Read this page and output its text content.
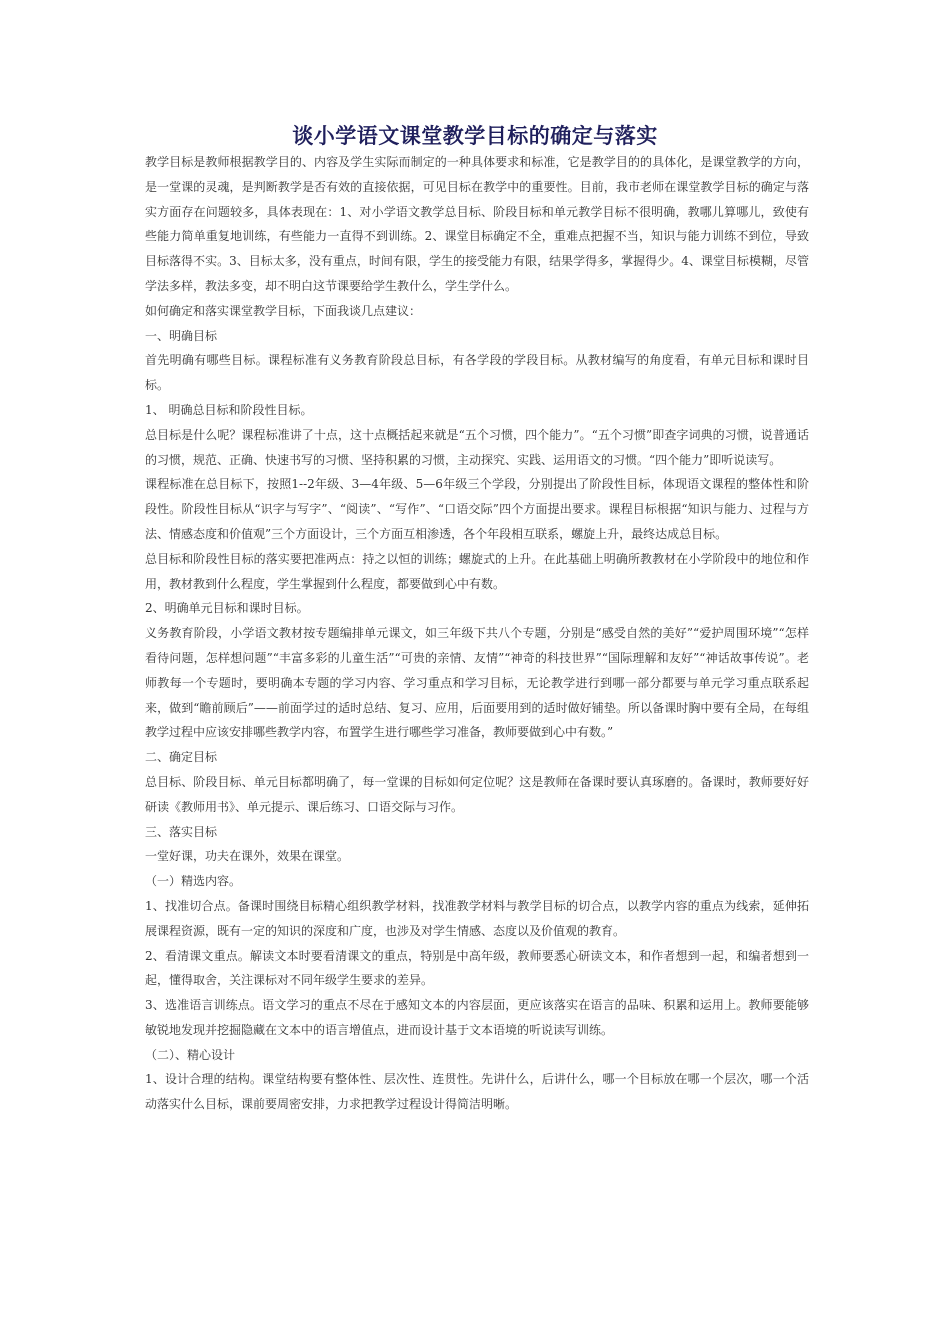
谈小学语文课堂教学目标的确定与落实

教学目标是教师根据教学目的、内容及学生实际而制定的一种具体要求和标准，它是教学目的的具体化，是课堂教学的方向，是一堂课的灵魂，是判断教学是否有效的直接依据，可见目标在教学中的重要性。目前，我市老师在课堂教学目标的确定与落实方面存在问题较多，具体表现在：1、对小学语文教学总目标、阶段目标和单元教学目标不很明确，教哪儿算哪儿，致使有些能力简单重复地训练，有些能力一直得不到训练。2、课堂目标确定不全，重难点把握不当，知识与能力训练不到位，导致目标落得不实。3、目标太多，没有重点，时间有限，学生的接受能力有限，结果学得多，掌握得少。4、课堂目标模糊，尽管学法多样，教法多变，却不明白这节课要给学生教什么，学生学什么。

如何确定和落实课堂教学目标，下面我谈几点建议：

一、明确目标

首先明确有哪些目标。课程标准有义务教育阶段总目标，有各学段的学段目标。从教材编写的角度看，有单元目标和课时目标。

1、 明确总目标和阶段性目标。

总目标是什么呢？课程标准讲了十点，这十点概括起来就是“五个习惯，四个能力”。“五个习惯”即查字词典的习惯，说普通话的习惯，规范、正确、快速书写的习惯、坚持积累的习惯，主动探究、实践、运用语文的习惯。“四个能力”即听说读写。

课程标准在总目标下，按照1--2年级、3—4年级、5—6年级三个学段，分别提出了阶段性目标，体现语文课程的整体性和阶段性。阶段性目标从“识字与写字”、“阅读”、“写作”、“口语交际”四个方面提出要求。课程目标根据“知识与能力、过程与方法、情感态度和价值观”三个方面设计，三个方面互相渗透，各个年段相互联系，螺旋上升，最终达成总目标。

总目标和阶段性目标的落实要把准两点：持之以恒的训练；螺旋式的上升。在此基础上明确所教教材在小学阶段中的地位和作用，教材教到什么程度，学生掌握到什么程度，都要做到心中有数。

2、明确单元目标和课时目标。

义务教育阶段，小学语文教材按专题编排单元课文，如三年级下共八个专题，分别是“感受自然的美好”“爱护周围环境”“怎样看待问题，怎样想问题”“丰富多彩的儿童生活”“可贵的亲情、友情”“神奇的科技世界”“国际理解和友好”“神话故事传说”。老师教每一个专题时，要明确本专题的学习内容、学习重点和学习目标，无论教学进行到哪一部分都要与单元学习重点联系起来，做到“瞻前顾后”——前面学过的适时总结、复习、应用，后面要用到的适时做好铺垫。所以备课时胸中要有全局，在每组教学过程中应该安排哪些教学内容，布置学生进行哪些学习准备，教师要做到心中有数。”

二、确定目标

总目标、阶段目标、单元目标都明确了，每一堂课的目标如何定位呢？这是教师在备课时要认真琢磨的。备课时，教师要好好研读《教师用书》、单元提示、课后练习、口语交际与习作。

三、落实目标

一堂好课，功夫在课外，效果在课堂。

（一）精选内容。

1、找准切合点。备课时围绕目标精心组织教学材料，找准教学材料与教学目标的切合点，以教学内容的重点为线索，延伸拓展课程资源，既有一定的知识的深度和广度，也涉及对学生情感、态度以及价值观的教育。

2、看清课文重点。解读文本时要看清课文的重点，特别是中高年级，教师要悉心研读文本，和作者想到一起，和编者想到一起，懂得取舍，关注课标对不同年级学生要求的差异。

3、选准语言训练点。语文学习的重点不尽在于感知文本的内容层面，更应该落实在语言的品味、积累和运用上。教师要能够敏锐地发现并挖掘隐藏在文本中的语言增值点，进而设计基于文本语境的听说读写训练。

（二）、精心设计

1、设计合理的结构。课堂结构要有整体性、层次性、连贯性。先讲什么，后讲什么，哪一个目标放在哪一个层次，哪一个活动落实什么目标，课前要周密安排，力求把教学过程设计得简洁明晰。
